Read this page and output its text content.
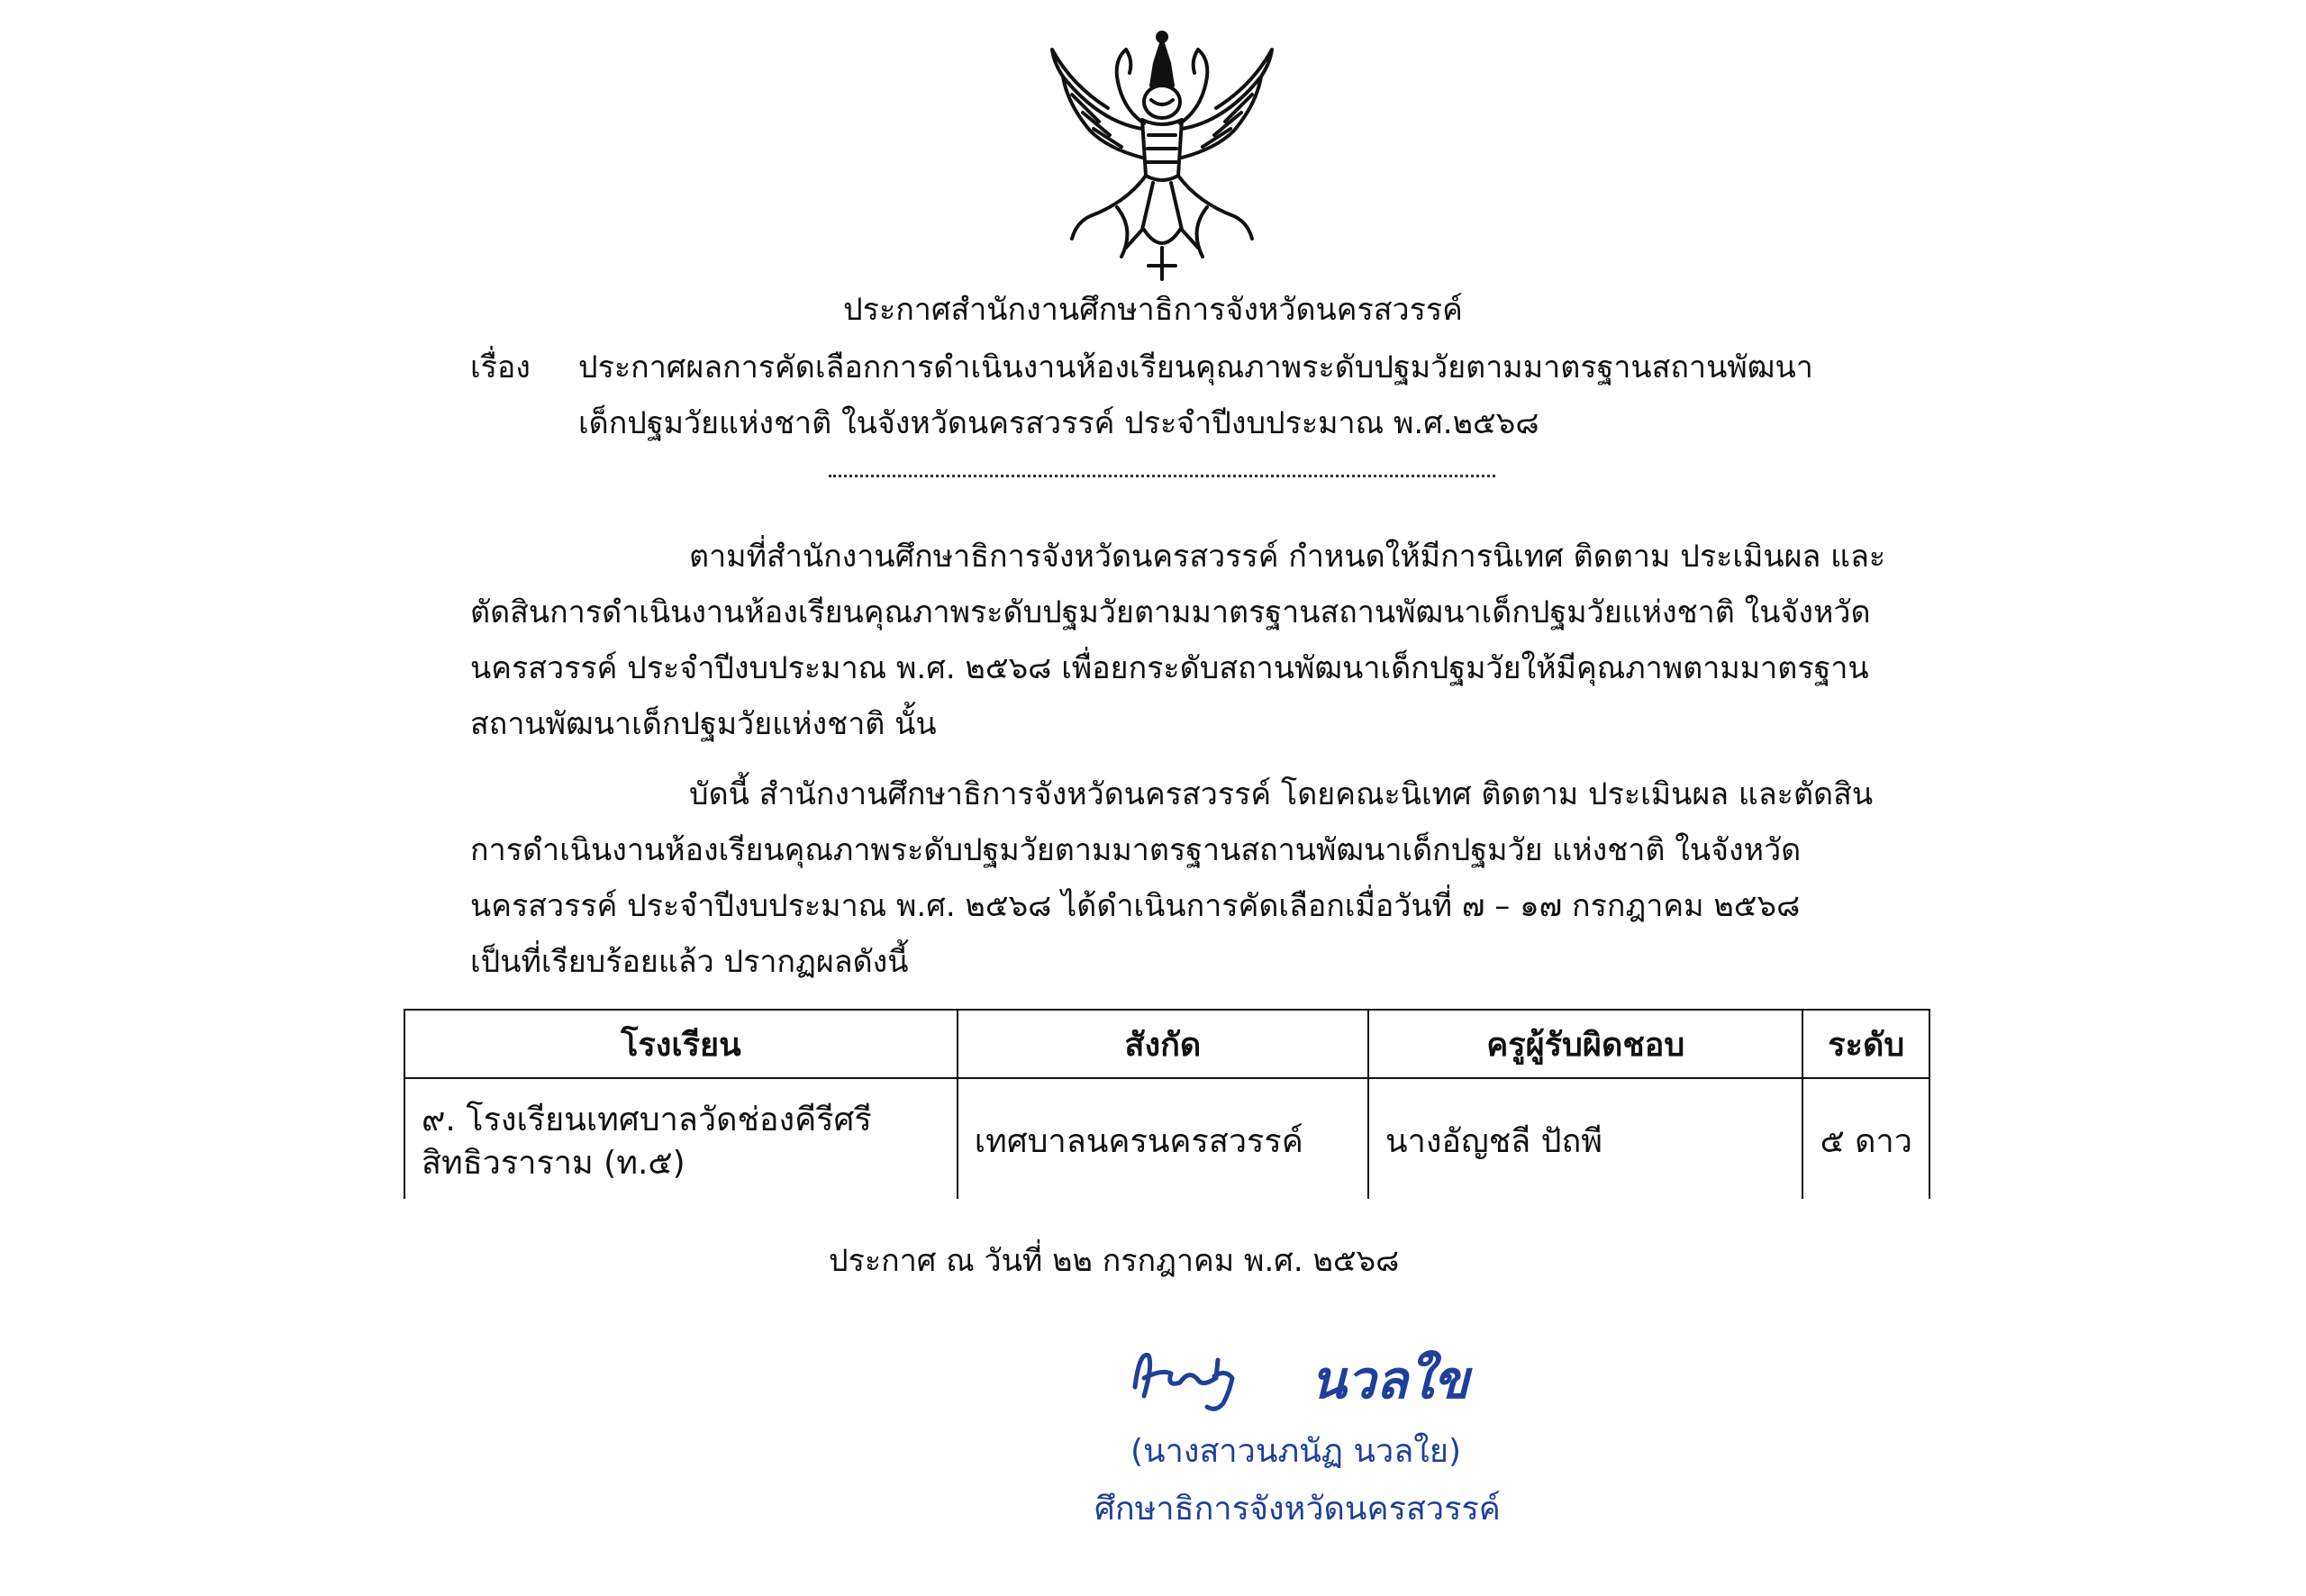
ประกาศสำนักงานศึกษาธิการจังหวัดนครสวรรค์
เรื่อง ประกาศผลการคัดเลือกการดำเนินงานห้องเรียนคุณภาพระดับปฐมวัยตามมาตรฐานสถานพัฒนา
เด็กปฐมวัยแห่งชาติ ในจังหวัดนครสวรรค์ ประจำปีงบประมาณ พ.ศ.๒๕๖๘
ตามที่สำนักงานศึกษาธิการจังหวัดนครสวรรค์ กำหนดให้มีการนิเทศ ติดตาม ประเมินผล และ
ตัดสินการดำเนินงานห้องเรียนคุณภาพระดับปฐมวัยตามมาตรฐานสถานพัฒนาเด็กปฐมวัยแห่งชาติ ในจังหวัด
นครสวรรค์ ประจำปีงบประมาณ พ.ศ. ๒๕๖๘ เพื่อยกระดับสถานพัฒนาเด็กปฐมวัยให้มีคุณภาพตามมาตรฐาน
สถานพัฒนาเด็กปฐมวัยแห่งชาติ นั้น
บัดนี้ สำนักงานศึกษาธิการจังหวัดนครสวรรค์ โดยคณะนิเทศ ติดตาม ประเมินผล และตัดสิน
การดำเนินงานห้องเรียนคุณภาพระดับปฐมวัยตามมาตรฐานสถานพัฒนาเด็กปฐมวัย แห่งชาติ ในจังหวัด
นครสวรรค์ ประจำปีงบประมาณ พ.ศ. ๒๕๖๘ ได้ดำเนินการคัดเลือกเมื่อวันที่ ๗ – ๑๗ กรกฎาคม ๒๕๖๘
เป็นที่เรียบร้อยแล้ว ปรากฏผลดังนี้
โรงเรียน	สังกัด	ครูผู้รับผิดชอบ	ระดับ

๙. โรงเรียนเทศบาลวัดช่องคีรีศรี
สิทธิวราราม (ท.๕)	เทศบาลนครนครสวรรค์	นางอัญชลี ปัถพี	๕ ดาว
ประกาศ ณ วันที่ ๒๒ กรกฎาคม พ.ศ. ๒๕๖๘
นวลใข
(นางสาวนภนัฏ นวลใย)
ศึกษาธิการจังหวัดนครสวรรค์
